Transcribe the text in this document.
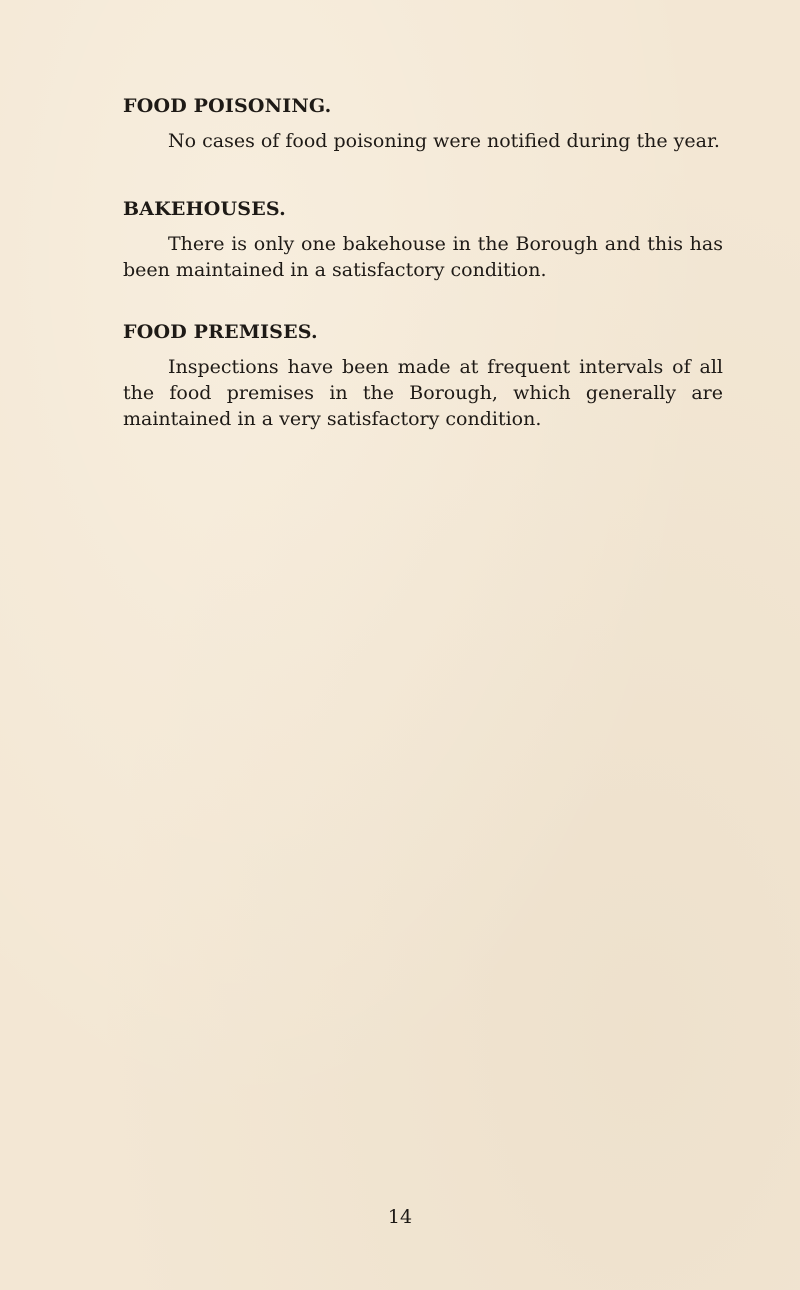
FOOD POISONING.

No cases of food poisoning were notified during the year.

BAKEHOUSES.

There is only one bakehouse in the Borough and this has been maintained in a satisfactory condition.

FOOD PREMISES.

Inspections have been made at frequent intervals of all the food premises in the Borough, which generally are maintained in a very satisfactory condition.

14
